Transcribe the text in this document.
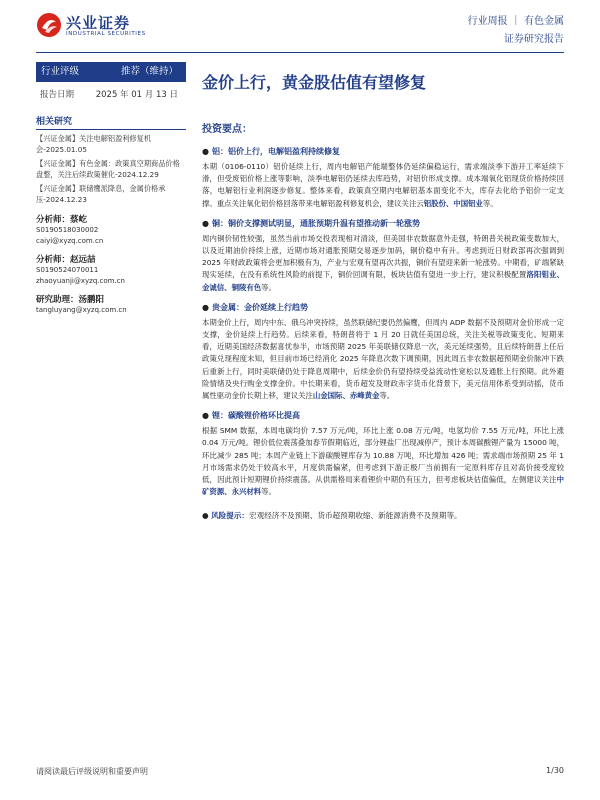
兴业证券
INDUSTRIAL SECURITIES
行业周报 ｜ 有色金属
证券研究报告
行业评级	推荐（维持）
报告日期	2025 年 01 月 13 日
相关研究
【兴证金属】关注电解铝盈利修复机会-2025.01.05
【兴证金属】有色金属：政策真空期商品价格盘整，关注后续政策催化-2024.12.29
【兴证金属】联储鹰派降息，金属价格承压-2024.12.23
分析师：蔡屹
S0190518030002
caiyi@xyzq.com.cn
分析师：赵远喆
S0190524070011
zhaoyuanji@xyzq.com.cn
研究助理：汤鹏阳
tangluyang@xyzq.com.cn
金价上行，黄金股估值有望修复
投资要点：
● 铝：铝价上行，电解铝盈利持续修复
本期（0106-0110）铝价延续上行，周内电解铝产能端整体仍延续偏稳运行，需求端淡季下游开工率延续下滑，但受废铝价格上涨等影响，淡季电解铝仍延续去库趋势，对铝价形成支撑。成本端氧化铝现货价格持续回落，电解铝行业利润逐步修复。整体来看，政策真空期内电解铝基本面变化不大，库存去化给予铝价一定支撑。重点关注氧化铝价格回落带来电解铝盈利修复机会，建议关注云铝股份、中国铝业等。
● 铜：铜价支撑测试明显，通胀预期升温有望推动新一轮涨势
周内铜价韧性较强，虽然当前市场交投表现相对清淡，但美国非农数据意外走强，特朗普关税政策变数加大，以及近期油价持续上涨，近期市场对通胀预期交易逐步加码，铜价稳中有升。考虑到近日财政部再次强调到 2025 年财政政策将会更加积极有为，产业与宏观有望再次共振，铜价有望迎来新一轮涨势。中期看，矿端紧缺现实延续，在没有系统性风险的前提下，铜价回调有限，板块估值有望进一步上行，建议积极配置洛阳钼业、金诚信、铜陵有色等。
● 贵金属：金价延续上行趋势
本期金价上行，周内中东、俄乌冲突持续，虽然联储纪要仍然偏鹰，但周内 ADP 数据不及预期对金价形成一定支撑，金价延续上行趋势。后续来看，特朗普将于 1 月 20 日就任美国总统，关注关税等政策变化。短期来看，近期美国经济数据喜忧参半，市场预期 2025 年美联储仅降息一次，美元延续强势，且后续特朗普上任后政策兑现程度未知，但目前市场已经消化 2025 年降息次数下调预期，因此周五非农数据超预期金价脉冲下跌后重新上行，同时美联储仍处于降息周期中，后续金价仍有望持续受益流动性宽松以及通胀上行预期。此外避险情绪及央行购金支撑金价。中长期来看，货币超发及财政赤字货币化背景下，美元信用体系受到动摇，货币属性驱动金价长期上移，建议关注山金国际、赤峰黄金等。
● 锂：碳酸锂价格环比提高
根据 SMM 数据，本周电碳均价 7.57 万元/吨，环比上涨 0.08 万元/吨，电氢均价 7.55 万元/吨，环比上涨 0.04 万元/吨。锂价低位震荡叠加春节假期临近，部分锂盐厂出现减停产，预计本周碳酸锂产量为 15000 吨，环比减少 285 吨；本周产业链上下游碳酸锂库存为 10.88 万吨，环比增加 426 吨；需求端市场预期 25 年 1 月市场需求仍处于较高水平，月度供需偏紧，但考虑到下游正极厂当前拥有一定原料库存且对高价接受度较低，因此预计短期锂价持续震荡。从供需格局来看锂价中期仍有压力，但考虑板块估值偏低，左侧建议关注中矿资源、永兴材料等。
● 风险提示：宏观经济不及预期、货币超预期收缩、新能源消费不及预期等。
请阅读最后评级说明和重要声明	1/30
